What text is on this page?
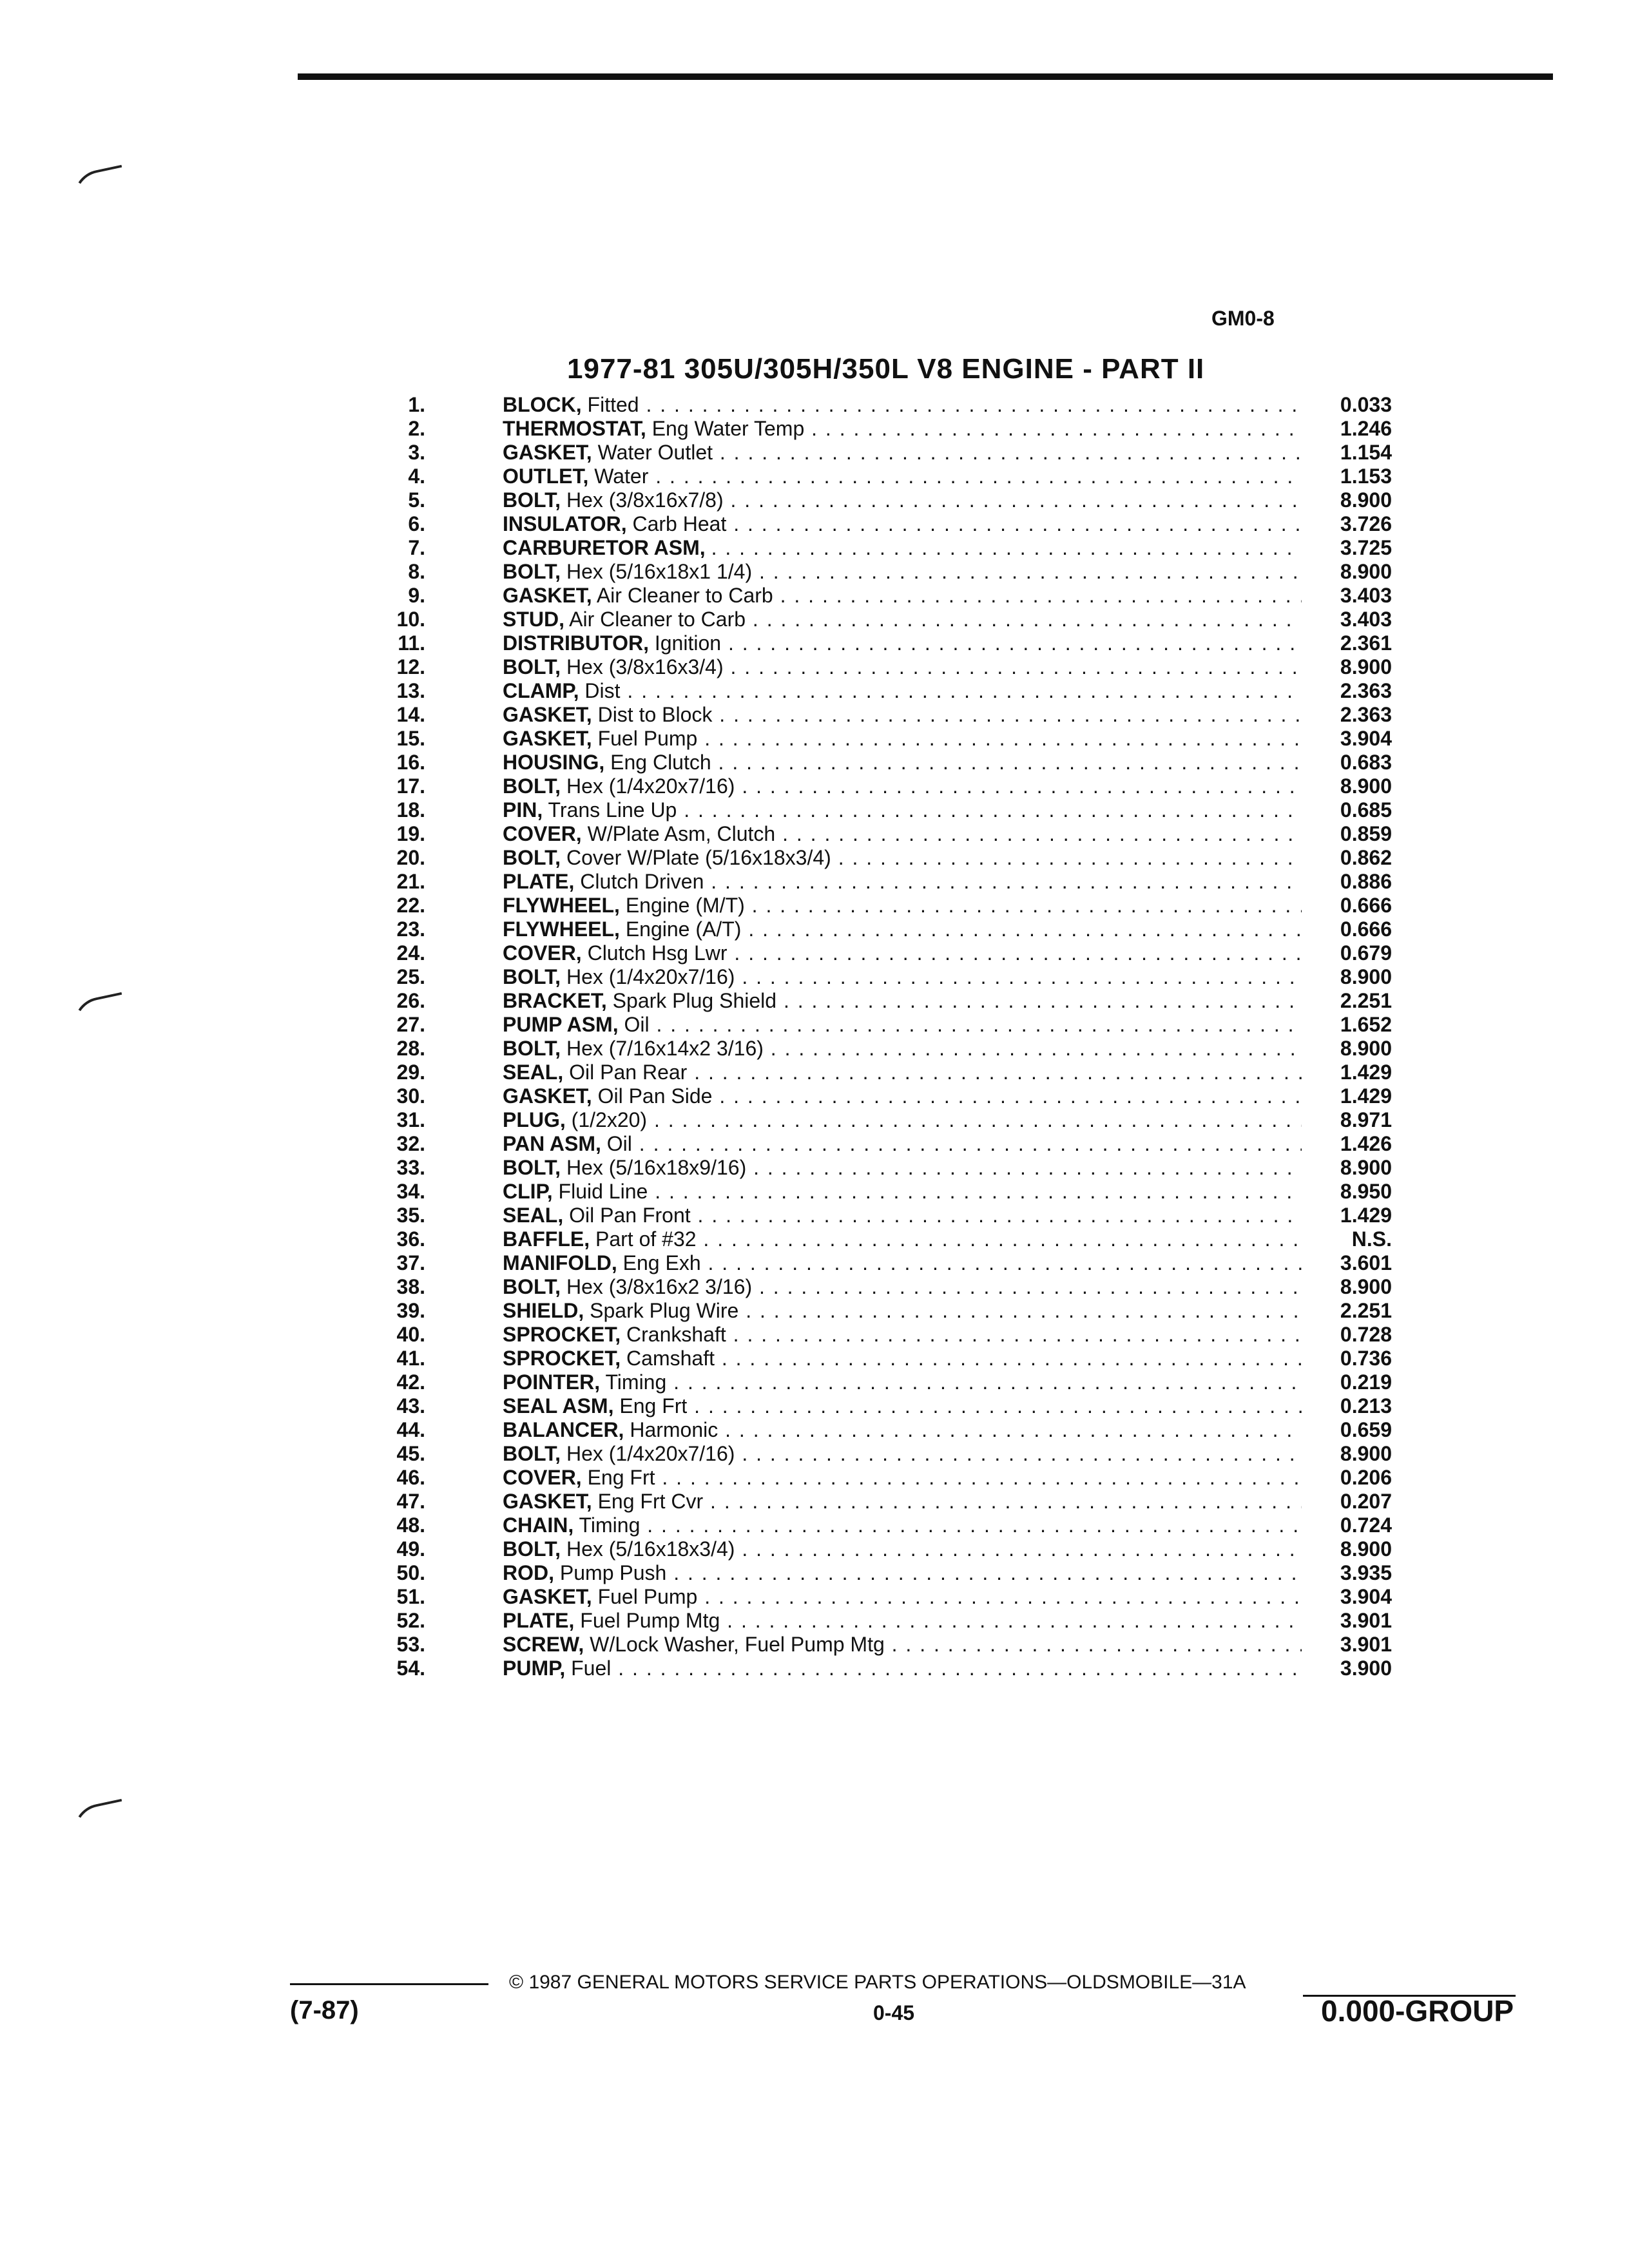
GM0-8
1977-81 305U/305H/350L V8 ENGINE - PART II
1.	BLOCK, Fitted . . .	0.033
2.	THERMOSTAT, Eng Water Temp . . .	1.246
3.	GASKET, Water Outlet . . .	1.154
4.	OUTLET, Water . . .	1.153
5.	BOLT, Hex (3/8x16x7/8) . . .	8.900
6.	INSULATOR, Carb Heat . . .	3.726
7.	CARBURETOR ASM, . . .	3.725
8.	BOLT, Hex (5/16x18x1 1/4) . . .	8.900
9.	GASKET, Air Cleaner to Carb . . .	3.403
10.	STUD, Air Cleaner to Carb . . .	3.403
11.	DISTRIBUTOR, Ignition . . .	2.361
12.	BOLT, Hex (3/8x16x3/4) . . .	8.900
13.	CLAMP, Dist . . .	2.363
14.	GASKET, Dist to Block . . .	2.363
15.	GASKET, Fuel Pump . . .	3.904
16.	HOUSING, Eng Clutch . . .	0.683
17.	BOLT, Hex (1/4x20x7/16) . . .	8.900
18.	PIN, Trans Line Up . . .	0.685
19.	COVER, W/Plate Asm, Clutch . . .	0.859
20.	BOLT, Cover W/Plate (5/16x18x3/4) . . .	0.862
21.	PLATE, Clutch Driven . . .	0.886
22.	FLYWHEEL, Engine (M/T) . . .	0.666
23.	FLYWHEEL, Engine (A/T) . . .	0.666
24.	COVER, Clutch Hsg Lwr . . .	0.679
25.	BOLT, Hex (1/4x20x7/16) . . .	8.900
26.	BRACKET, Spark Plug Shield . . .	2.251
27.	PUMP ASM, Oil . . .	1.652
28.	BOLT, Hex (7/16x14x2 3/16) . . .	8.900
29.	SEAL, Oil Pan Rear . . .	1.429
30.	GASKET, Oil Pan Side . . .	1.429
31.	PLUG, (1/2x20) . . .	8.971
32.	PAN ASM, Oil . . .	1.426
33.	BOLT, Hex (5/16x18x9/16) . . .	8.900
34.	CLIP, Fluid Line . . .	8.950
35.	SEAL, Oil Pan Front . . .	1.429
36.	BAFFLE, Part of #32 . . .	N.S.
37.	MANIFOLD, Eng Exh . . .	3.601
38.	BOLT, Hex (3/8x16x2 3/16) . . .	8.900
39.	SHIELD, Spark Plug Wire . . .	2.251
40.	SPROCKET, Crankshaft . . .	0.728
41.	SPROCKET, Camshaft . . .	0.736
42.	POINTER, Timing . . .	0.219
43.	SEAL ASM, Eng Frt . . .	0.213
44.	BALANCER, Harmonic . . .	0.659
45.	BOLT, Hex (1/4x20x7/16) . . .	8.900
46.	COVER, Eng Frt . . .	0.206
47.	GASKET, Eng Frt Cvr . . .	0.207
48.	CHAIN, Timing . . .	0.724
49.	BOLT, Hex (5/16x18x3/4) . . .	8.900
50.	ROD, Pump Push . . .	3.935
51.	GASKET, Fuel Pump . . .	3.904
52.	PLATE, Fuel Pump Mtg . . .	3.901
53.	SCREW, W/Lock Washer, Fuel Pump Mtg . . .	3.901
54.	PUMP, Fuel . . .	3.900
© 1987 GENERAL MOTORS SERVICE PARTS OPERATIONS—OLDSMOBILE—31A
(7-87)	0-45	0.000-GROUP
